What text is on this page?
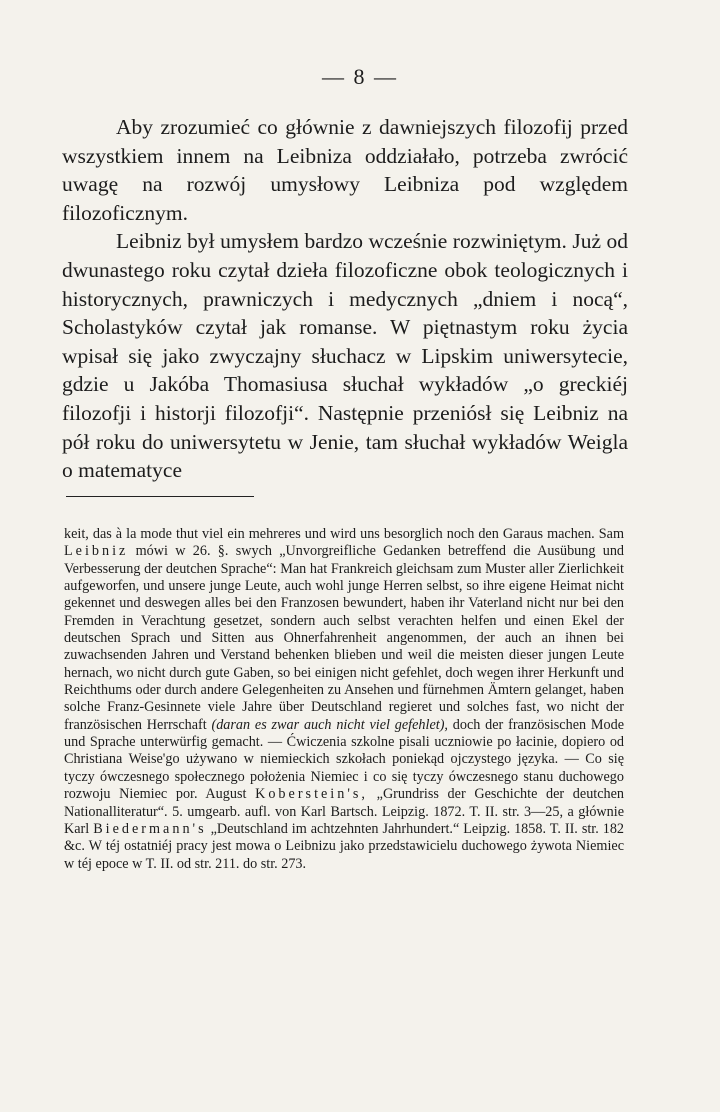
— 8 —

Aby zrozumieć co głównie z dawniejszych filozofij przed wszystkiem innem na Leibniza oddziałało, potrzeba zwrócić uwagę na rozwój umysłowy Leibniza pod względem filozoficznym.

Leibniz był umysłem bardzo wcześnie rozwiniętym. Już od dwunastego roku czytał dzieła filozoficzne obok teologicznych i historycznych, prawniczych i medycznych „dniem i nocą“, Scholastyków czytał jak romanse. W piętnastym roku życia wpisał się jako zwyczajny słuchacz w Lipskim uniwersytecie, gdzie u Jakóba Thomasiusa słuchał wykładów „o greckiéj filozofji i historji filozofji“. Następnie przeniósł się Leibniz na pół roku do uniwersytetu w Jenie, tam słuchał wykładów Weigla o matematyce

keit, das à la mode thut viel ein mehreres und wird uns besorglich noch den Garaus machen. Sam Leibniz mówi w 26. §. swych „Unvorgreifliche Gedanken betreffend die Ausübung und Verbesserung der deutchen Sprache“: Man hat Frankreich gleichsam zum Muster aller Zierlichkeit aufgeworfen, und unsere junge Leute, auch wohl junge Herren selbst, so ihre eigene Heimat nicht gekennet und deswegen alles bei den Franzosen bewundert, haben ihr Vaterland nicht nur bei den Fremden in Verachtung gesetzet, sondern auch selbst verachten helfen und einen Ekel der deutschen Sprach und Sitten aus Ohnerfahrenheit angenommen, der auch an ihnen bei zuwachsenden Jahren und Verstand behenken blieben und weil die meisten dieser jungen Leute hernach, wo nicht durch gute Gaben, so bei einigen nicht gefehlet, doch wegen ihrer Herkunft und Reichthums oder durch andere Gelegenheiten zu Ansehen und fürnehmen Ämtern gelanget, haben solche Franz-Gesinnete viele Jahre über Deutschland regieret und solches fast, wo nicht der französischen Herrschaft (daran es zwar auch nicht viel gefehlet), doch der französischen Mode und Sprache unterwürfig gemacht. — Ćwiczenia szkolne pisali uczniowie po łacinie, dopiero od Christiana Weise'go używano w niemieckich szkołach poniekąd ojczystego języka. — Co się tyczy ówczesnego społecznego położenia Niemiec i co się tyczy ówczesnego stanu duchowego rozwoju Niemiec por. August Koberstein's, „Grundriss der Geschichte der deutchen Nationalliteratur“. 5. umgearb. aufl. von Karl Bartsch. Leipzig. 1872. T. II. str. 3—25, a głównie Karl Biedermann's „Deutschland im achtzehnten Jahrhundert.“ Leipzig. 1858. T. II. str. 182 &c. W téj ostatniéj pracy jest mowa o Leibnizu jako przedstawicielu duchowego żywota Niemiec w téj epoce w T. II. od str. 211. do str. 273.
